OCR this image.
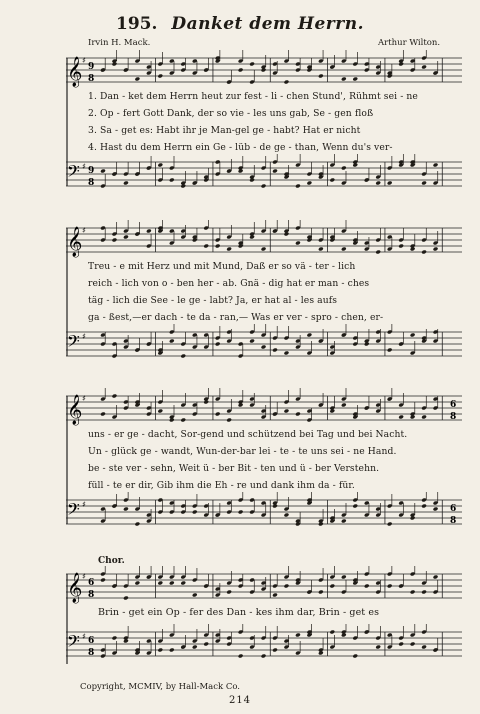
195. Danket dem Herrn.
Irvin H. Mack.	Arthur Wilton.
𝄞 ♯
9
8
1. Dan ‑ ket dem Herrn heut zur fest ‑ li ‑ chen Stund', Rühmt sei ‑ ne
2. Op ‑ fert Gott Dank, der so vie ‑ les uns gab, Se ‑ gen floß
3. Sa ‑ get es: Habt ihr je Man‑gel ge ‑ habt? Hat er nicht
4. Hast du dem Herrn ein Ge ‑ lüb ‑ de ge ‑ than, Wenn du's ver‑
𝄢 ♯ 9
8
𝄞 ♯
Treu ‑ e mit Herz und mit Mund, Daß er so vä ‑ ter ‑ lich
reich ‑ lich von o ‑ ben her ‑ ab. Gnä ‑ dig hat er man ‑ ches
täg ‑ lich die See ‑ le ge ‑ labt? Ja, er hat al ‑ les aufs
ga ‑ ßest,—er dach ‑ te da ‑ ran,— Was er ver ‑ spro ‑ chen, er‑
𝄢 ♯
𝄞 ♯
6
8
uns ‑ er ge ‑ dacht, Sor‑gend und schützend bei Tag und bei Nacht.
Un ‑ glück ge ‑ wandt, Wun‑der‑bar lei ‑ te ‑ te uns sei ‑ ne Hand.
be ‑ ste ver ‑ sehn, Weit ü ‑ ber Bit ‑ ten und ü ‑ ber Verstehn.
füll ‑ te er dir, Gib ihm die Eh ‑ re und dank ihm da ‑ für.
𝄢 ♯	6
8
Chor.
𝄞 ♯
6
8
Brin ‑ get ein Op ‑ fer des Dan ‑ kes ihm dar, Brin ‑ get es
𝄢 ♯ 6
8
Copyright, MCMIV, by Hall-Mack Co.
214
